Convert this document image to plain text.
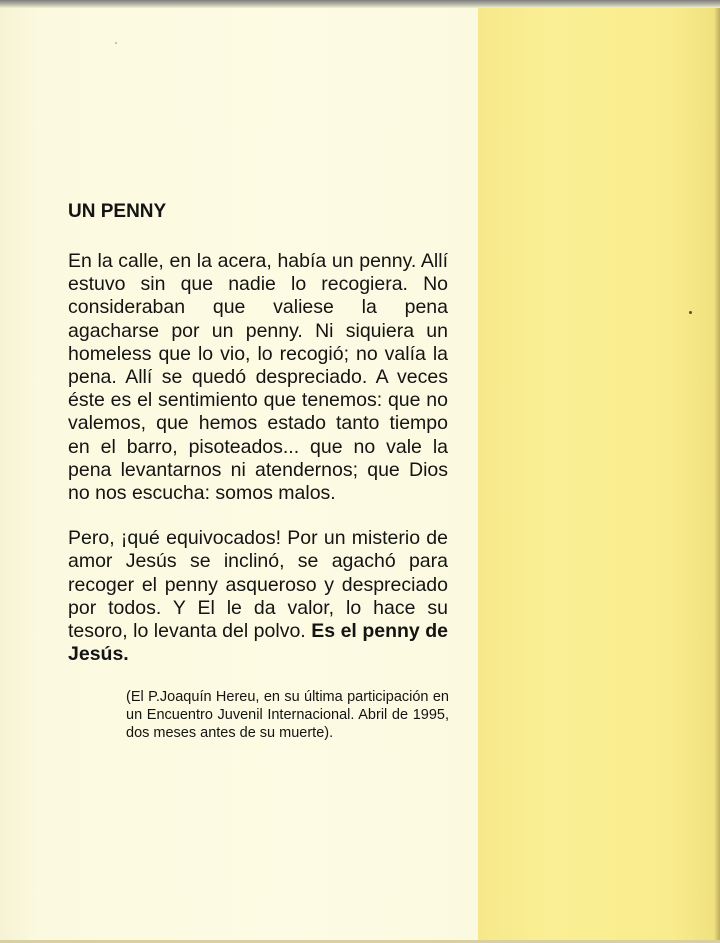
UN PENNY

En la calle, en la acera, había un penny. Allí estuvo sin que nadie lo recogiera. No consideraban que valiese la pena agacharse por un penny. Ni siquiera un homeless que lo vio, lo recogió; no valía la pena. Allí se quedó despreciado. A veces éste es el sentimiento que tenemos: que no valemos, que hemos estado tanto tiempo en el barro, pisoteados... que no vale la pena levantarnos ni atendernos; que Dios no nos escucha: somos malos.

Pero, ¡qué equivocados! Por un misterio de amor Jesús se inclinó, se agachó para recoger el penny asqueroso y despreciado por todos. Y El le da valor, lo hace su tesoro, lo levanta del polvo. Es el penny de Jesús.

(El P.Joaquín Hereu, en su última participación en un Encuentro Juvenil Internacional. Abril de 1995, dos meses antes de su muerte).
